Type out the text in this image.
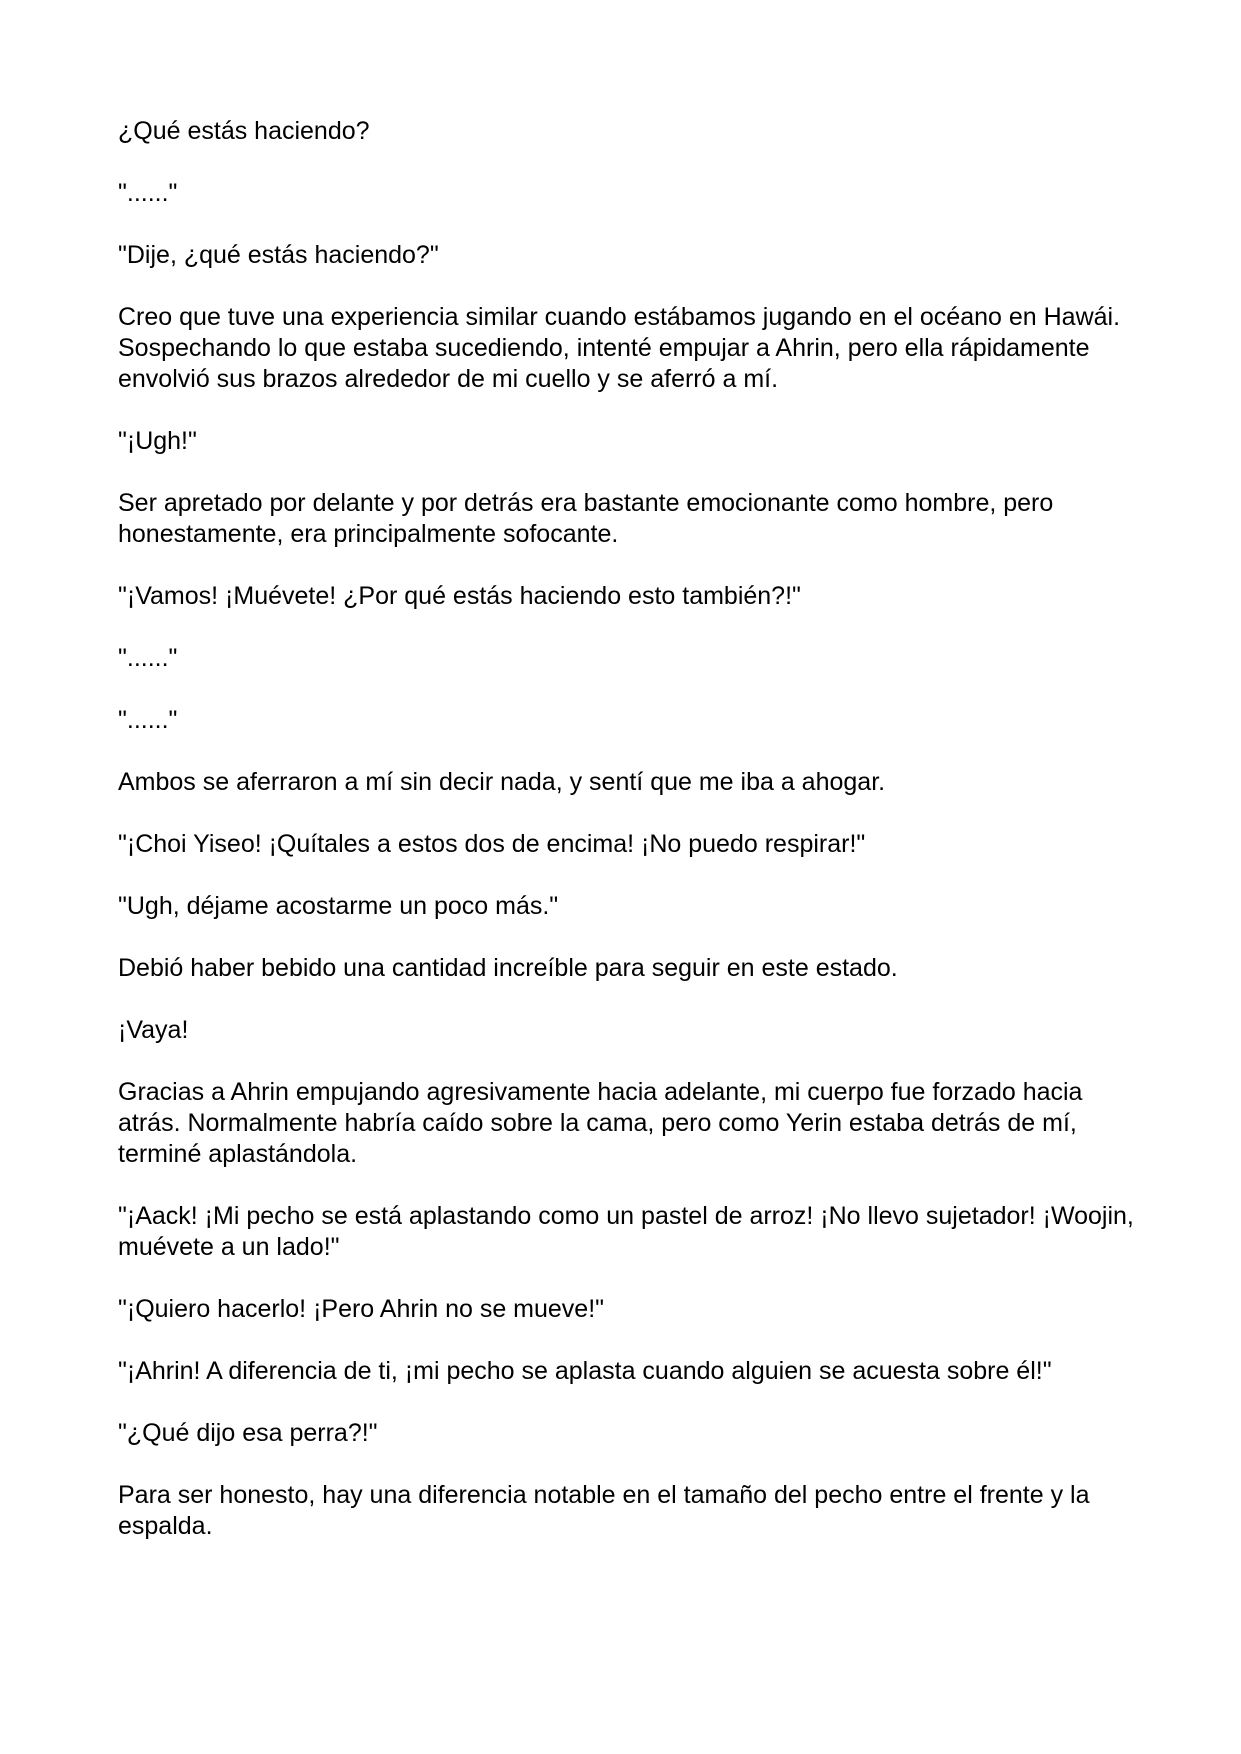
¿Qué estás haciendo?

"......"

"Dije, ¿qué estás haciendo?"

Creo que tuve una experiencia similar cuando estábamos jugando en el océano en Hawái. Sospechando lo que estaba sucediendo, intenté empujar a Ahrin, pero ella rápidamente envolvió sus brazos alrededor de mi cuello y se aferró a mí.

"¡Ugh!"

Ser apretado por delante y por detrás era bastante emocionante como hombre, pero honestamente, era principalmente sofocante.

"¡Vamos! ¡Muévete! ¿Por qué estás haciendo esto también?!"

"......"

"......"

Ambos se aferraron a mí sin decir nada, y sentí que me iba a ahogar.

"¡Choi Yiseo! ¡Quítales a estos dos de encima! ¡No puedo respirar!"

"Ugh, déjame acostarme un poco más."

Debió haber bebido una cantidad increíble para seguir en este estado.

¡Vaya!

Gracias a Ahrin empujando agresivamente hacia adelante, mi cuerpo fue forzado hacia atrás. Normalmente habría caído sobre la cama, pero como Yerin estaba detrás de mí, terminé aplastándola.

"¡Aack! ¡Mi pecho se está aplastando como un pastel de arroz! ¡No llevo sujetador! ¡Woojin, muévete a un lado!"

"¡Quiero hacerlo! ¡Pero Ahrin no se mueve!"

"¡Ahrin! A diferencia de ti, ¡mi pecho se aplasta cuando alguien se acuesta sobre él!"

"¿Qué dijo esa perra?!"

Para ser honesto, hay una diferencia notable en el tamaño del pecho entre el frente y la espalda.
